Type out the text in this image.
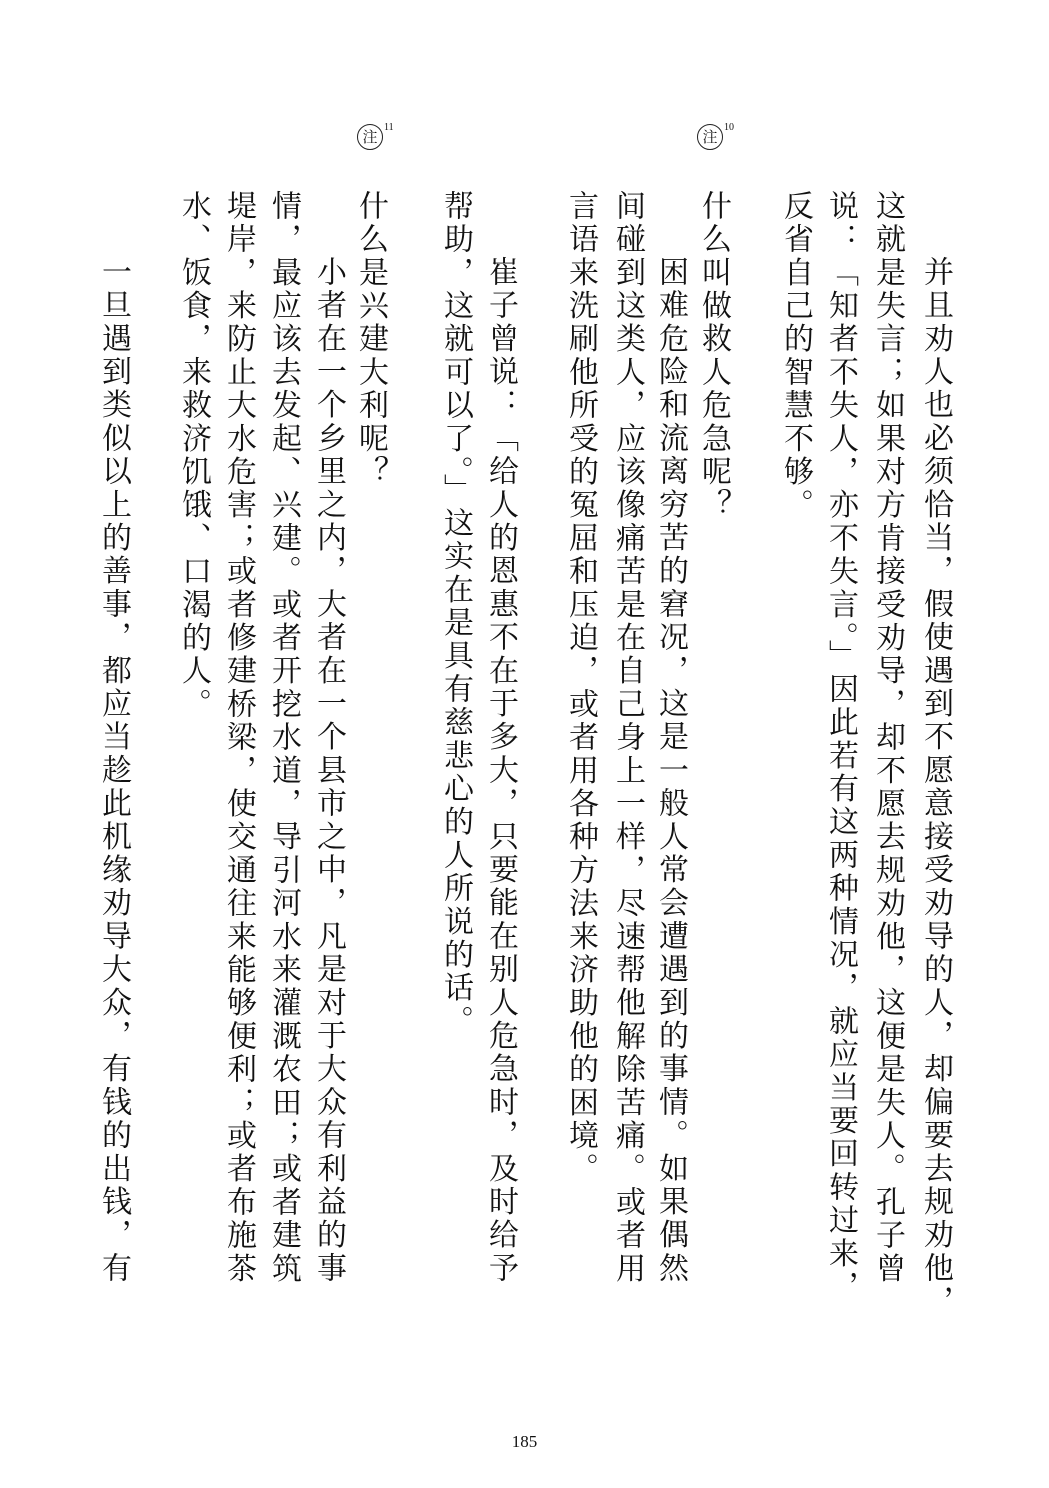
注
10
注
11
并且劝人也必须恰当，假使遇到不愿意接受劝导的人，却偏要去规劝他，
这就是失言；如果对方肯接受劝导，却不愿去规劝他，这便是失人。孔子曾
说：「知者不失人，亦不失言。」因此若有这两种情况，就应当要回转过来，
反省自己的智慧不够。
什么叫做救人危急呢？
困难危险和流离穷苦的窘况，这是一般人常会遭遇到的事情。如果偶然
间碰到这类人，应该像痛苦是在自己身上一样，尽速帮他解除苦痛。或者用
言语来洗刷他所受的冤屈和压迫，或者用各种方法来济助他的困境。
崔子曾说：「给人的恩惠不在于多大，只要能在别人危急时，及时给予
帮助，这就可以了。」这实在是具有慈悲心的人所说的话。
什么是兴建大利呢？
小者在一个乡里之内，大者在一个县市之中，凡是对于大众有利益的事
情，最应该去发起、兴建。或者开挖水道，导引河水来灌溉农田；或者建筑
堤岸，来防止大水危害；或者修建桥梁，使交通往来能够便利；或者布施茶
水、饭食，来救济饥饿、口渴的人。
一旦遇到类似以上的善事，都应当趁此机缘劝导大众，有钱的出钱，有
185
